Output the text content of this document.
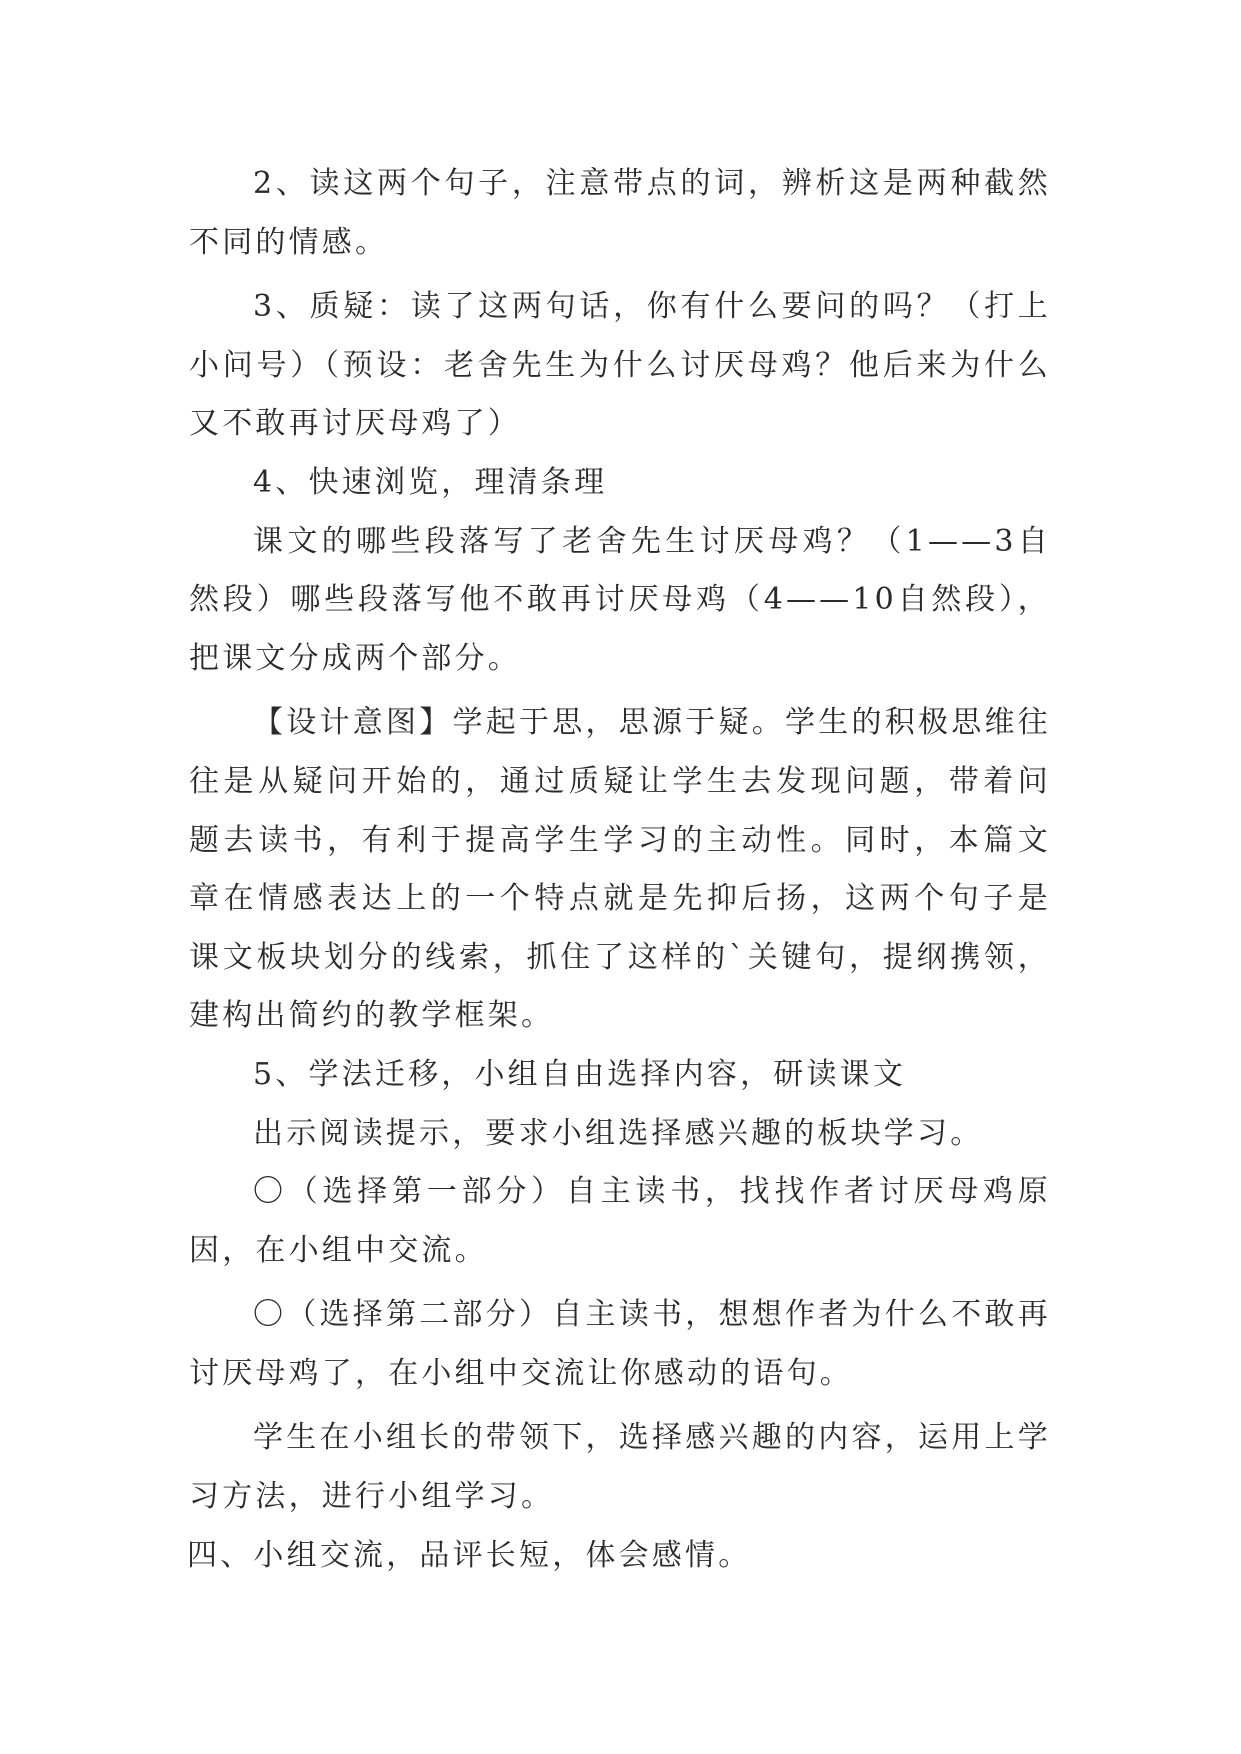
2、读这两个句子，注意带点的词，辨析这是两种截然不同的情感。

3、质疑：读了这两句话，你有什么要问的吗？（打上小问号）（预设：老舍先生为什么讨厌母鸡？他后来为什么又不敢再讨厌母鸡了）

4、快速浏览，理清条理

课文的哪些段落写了老舍先生讨厌母鸡？（1——3自然段）哪些段落写他不敢再讨厌母鸡（4——10自然段），把课文分成两个部分。

【设计意图】学起于思，思源于疑。学生的积极思维往往是从疑问开始的，通过质疑让学生去发现问题，带着问题去读书，有利于提高学生学习的主动性。同时，本篇文章在情感表达上的一个特点就是先抑后扬，这两个句子是课文板块划分的线索，抓住了这样的`关键句，提纲携领，建构出简约的教学框架。

5、学法迁移，小组自由选择内容，研读课文

出示阅读提示，要求小组选择感兴趣的板块学习。

〇（选择第一部分）自主读书，找找作者讨厌母鸡原因，在小组中交流。

〇（选择第二部分）自主读书，想想作者为什么不敢再讨厌母鸡了，在小组中交流让你感动的语句。

学生在小组长的带领下，选择感兴趣的内容，运用上学习方法，进行小组学习。

四、小组交流，品评长短，体会感情。
